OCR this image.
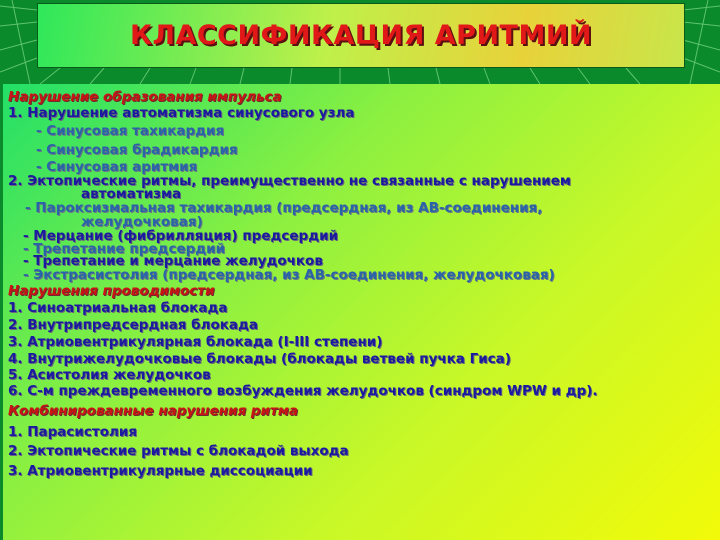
КЛАССИФИКАЦИЯ АРИТМИЙ
Нарушение образования импульса
1. Нарушение автоматизма синусового узла
- Синусовая тахикардия
- Синусовая брадикардия
- Синусовая аритмия
2. Эктопические ритмы, преимущественно не связанные с нарушением
автоматизма
- Пароксизмальная тахикардия (предсердная, из АВ-соединения,
желудочковая)
- Мерцание (фибрилляция) предсердий
- Трепетание предсердий
- Трепетание и мерцание желудочков
- Экстрасистолия (предсердная, из АВ-соединения, желудочковая)
Нарушения проводимости
1. Синоатриальная блокада
2. Внутрипредсердная блокада
3. Атриовентрикулярная блокада (I-III степени)
4. Внутрижелудочковые блокады (блокады ветвей пучка Гиса)
5. Асистолия желудочков
6. С-м преждевременного возбуждения желудочков (синдром WPW и др).
Комбинированные нарушения ритма
1. Парасистолия
2. Эктопические ритмы с блокадой выхода
3. Атриовентрикулярные диссоциации
